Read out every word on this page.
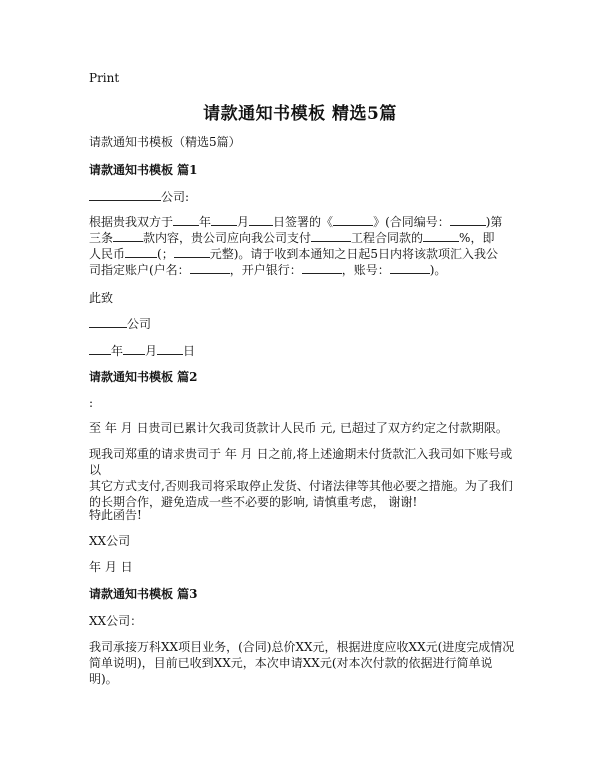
Print
请款通知书模板 精选5篇
请款通知书模板（精选5篇）
请款通知书模板 篇1
公司:
根据贵我双方于 年 月 日签署的《	》(合同编号：	)第
三条	款内容，贵公司应向我公司支付	工程合同款的	%，即
人民币	(；	元整)。请于收到本通知之日起5日内将该款项汇入我公
司指定账户(户名：	，开户银行：	，账号：	)。
此致
公司
年 月 日
请款通知书模板 篇2
:
至 年 月 日贵司已累计欠我司货款计人民币 元, 已超过了双方约定之付款期限。
现我司郑重的请求贵司于 年 月 日之前,将上述逾期未付货款汇入我司如下账号或以
其它方式支付,否则我司将采取停止发货、付诸法律等其他必要之措施。为了我们
的长期合作，避免造成一些不必要的影响, 请慎重考虑， 谢谢!
特此函告!
XX公司
年 月 日
请款通知书模板 篇3
XX公司：
我司承接万科XX项目业务，(合同)总价XX元，根据进度应收XX元(进度完成情况
简单说明)，目前已收到XX元，本次申请XX元(对本次付款的依据进行简单说明)。
